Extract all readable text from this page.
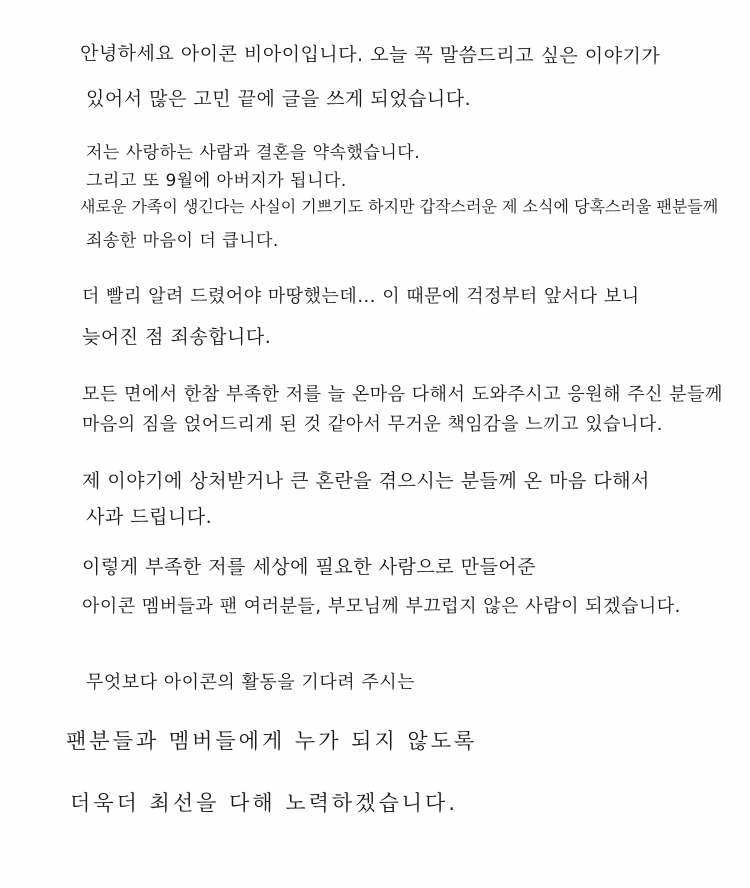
안녕하세요 아이콘 비아이입니다. 오늘 꼭 말씀드리고 싶은 이야기가
있어서 많은 고민 끝에 글을 쓰게 되었습니다.
저는 사랑하는 사람과 결혼을 약속했습니다.
그리고 또 9월에 아버지가 됩니다.
새로운 가족이 생긴다는 사실이 기쁘기도 하지만 갑작스러운 제 소식에 당혹스러울 팬분들께
죄송한 마음이 더 큽니다.
더 빨리 알려 드렸어야 마땅했는데... 이 때문에 걱정부터 앞서다 보니
늦어진 점 죄송합니다.
모든 면에서 한참 부족한 저를 늘 온마음 다해서 도와주시고 응원해 주신 분들께
마음의 짐을 얹어드리게 된 것 같아서 무거운 책임감을 느끼고 있습니다.
제 이야기에 상처받거나 큰 혼란을 겪으시는 분들께 온 마음 다해서
사과 드립니다.
이렇게 부족한 저를 세상에 필요한 사람으로 만들어준
아이콘 멤버들과 팬 여러분들, 부모님께 부끄럽지 않은 사람이 되겠습니다.
무엇보다 아이콘의 활동을 기다려 주시는
팬분들과 멤버들에게 누가 되지 않도록
더욱더 최선을 다해 노력하겠습니다.
